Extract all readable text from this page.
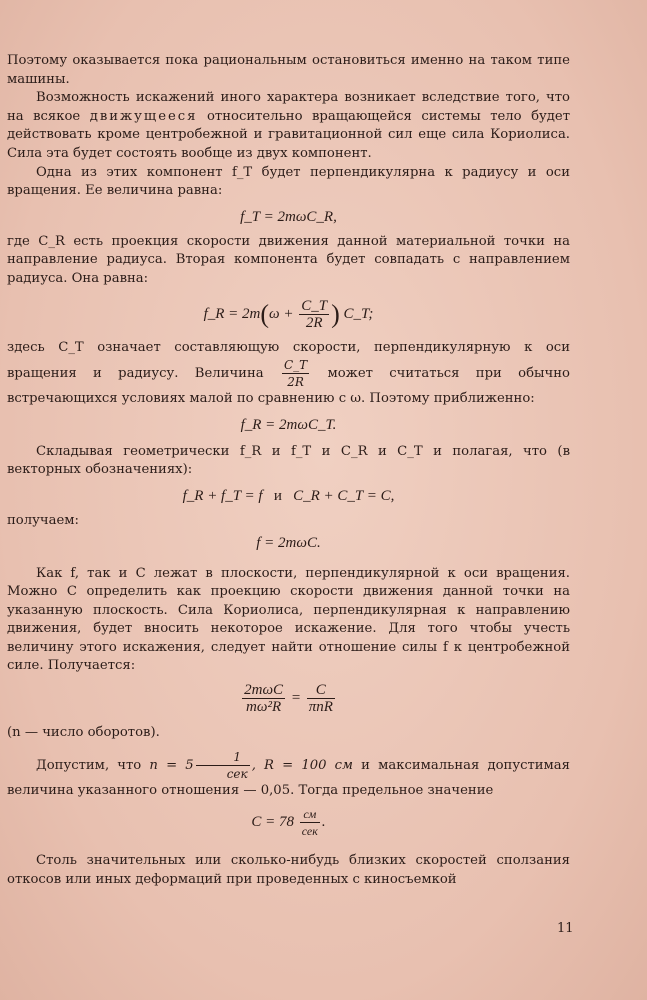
Поэтому оказывается пока рациональным остановиться именно на таком типе машины.

Возможность искажений иного характера возникает вследствие того, что на всякое движущееся относительно вращающейся системы тело будет действовать кроме центробежной и гравитационной сил еще сила Кориолиса. Сила эта будет состоять вообще из двух компонент.

Одна из этих компонент f_T будет перпендикулярна к радиусу и оси вращения. Ее величина равна:

f_T = 2mωC_R,

где C_R есть проекция скорости движения данной материальной точки на направление радиуса. Вторая компонента будет совпадать с направлением радиуса. Она равна:

f_R = $2m(\omega + \frac{C\_T}{2R}$ ) C_T;

здесь C_T означает составляющую скорости, перпендикулярную к оси вращения и радиусу. Величина $\frac{C\_T}{2R}$ может считаться при обычно встречающихся условиях малой по сравнению с ω. Поэтому приближенно:

f_R = 2mωC_T.

Складывая геометрически f_R и f_T и C_R и C_T и полагая, что (в векторных обозначениях):

f_R + f_T = f и C_R + C_T = C,

получаем:

f = 2mωC.

Как f, так и C лежат в плоскости, перпендикулярной к оси вращения. Можно C определить как проекцию скорости движения данной точки на указанную плоскость. Сила Кориолиса, перпендикулярная к направлению движения, будет вносить некоторое искажение. Для того чтобы учесть величину этого искажения, следует найти отношение силы f к центробежной силе. Получается:

$\frac{\text{2mωC}}{\text{mω²R}} = \frac{C}{\text{πnR}}$

(n — число оборотов).

Допустим, что $n = 5 \frac{1}{\text{сек}}$ , R = 100 см и максимальная допустимая величина указанного отношения — 0,05. Тогда предельное значение

$C = 78 \frac{см}{\text{сек}}$ .

Столь значительных или сколько-нибудь близких скоростей сползания откосов или иных деформаций при проведенных с киносъемкой

11
